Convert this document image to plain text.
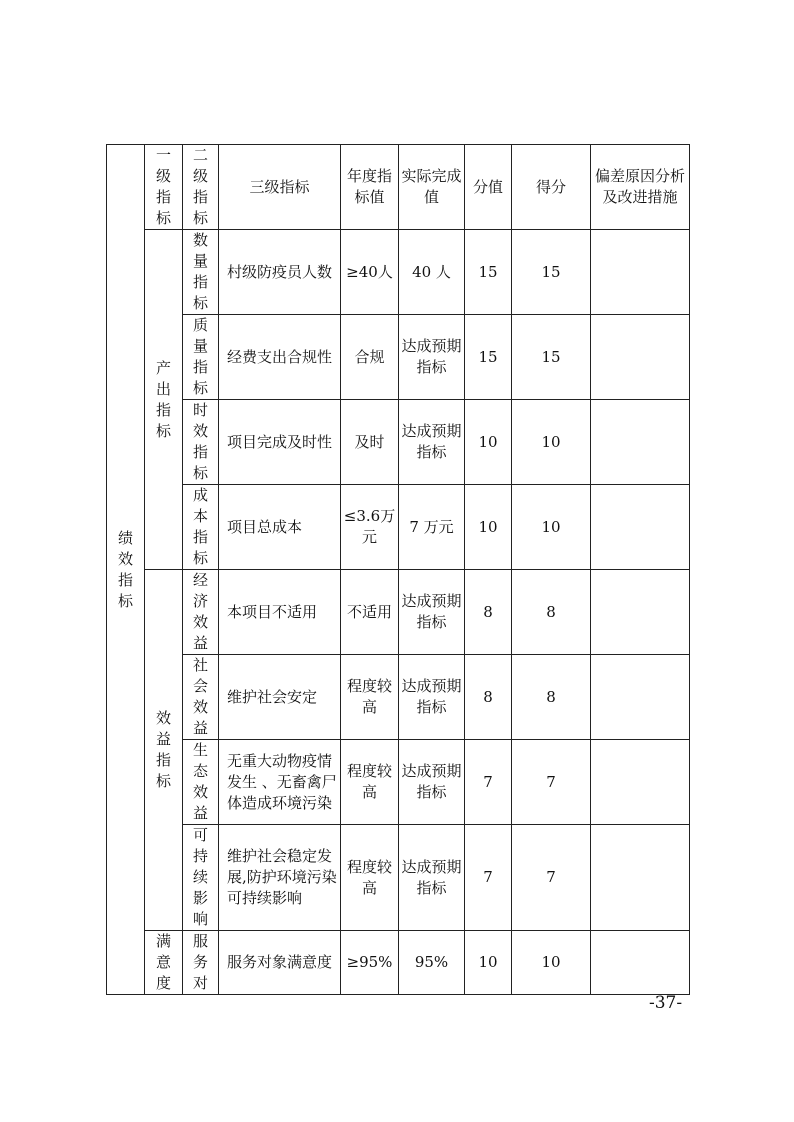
绩效指标	一级指标	二级指标	三级指标	年度指标值	实际完成值	分值	得分	偏差原因分析及改进措施
	产出指标	数量指标	村级防疫员人数	≥40人	40 人	15	15	
		质量指标	经费支出合规性	合规	达成预期指标	15	15	
		时效指标	项目完成及时性	及时	达成预期指标	10	10	
		成本指标	项目总成本	≤3.6万元	7 万元	10	10	
	效益指标	经济效益	本项目不适用	不适用	达成预期指标	8	8	
		社会效益	维护社会安定	程度较高	达成预期指标	8	8	
		生态效益	无重大动物疫情发生 、无畜禽尸体造成环境污染	程度较高	达成预期指标	7	7	
		可持续影响	维护社会稳定发展,防护环境污染可持续影响	程度较高	达成预期指标	7	7	
	满意度	服务对	服务对象满意度	≥95%	95%	10	10	
-37-
